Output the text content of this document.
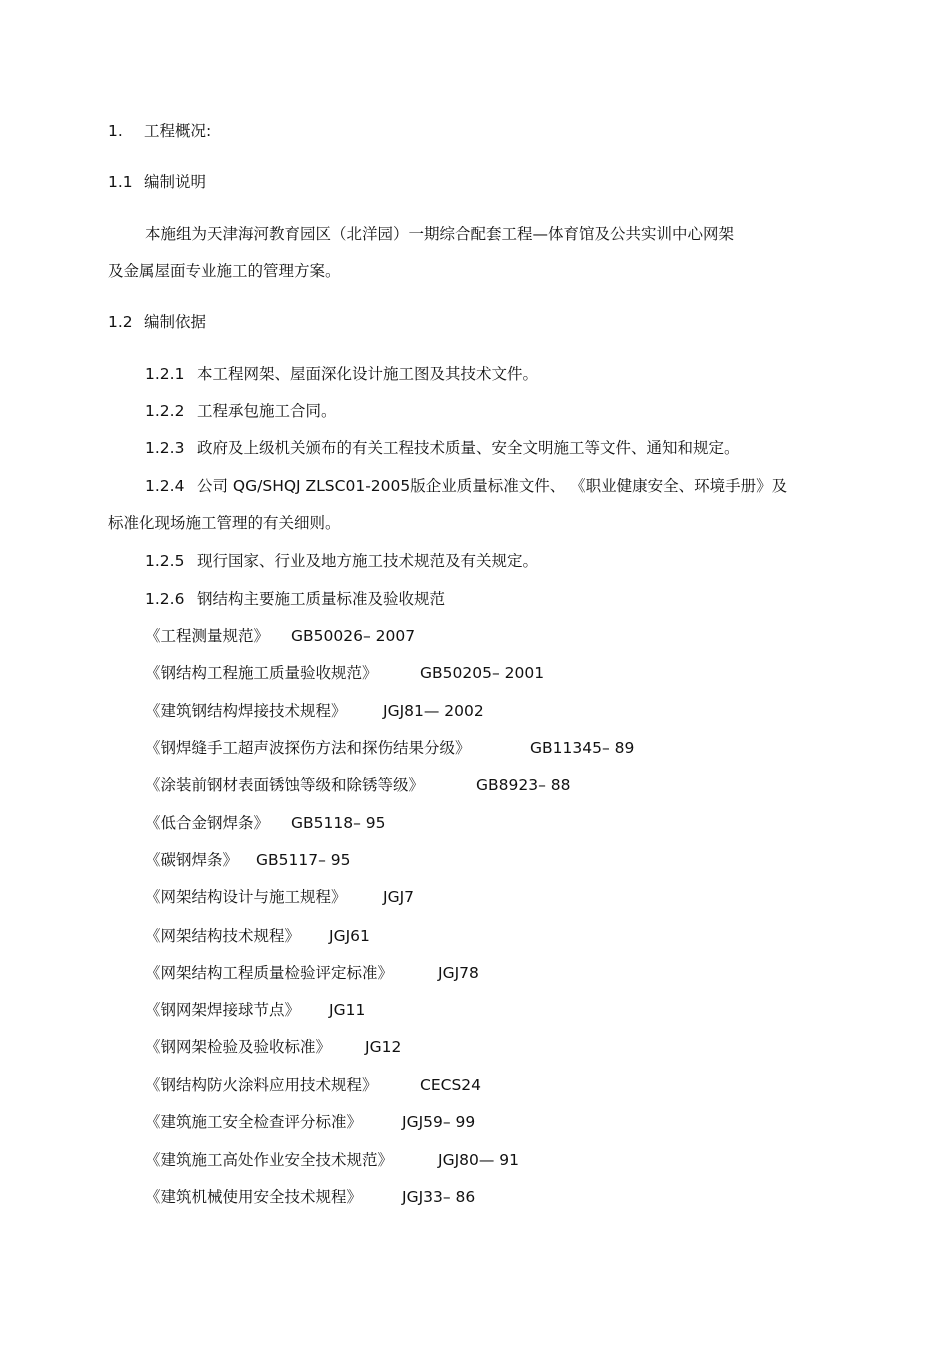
1. 工程概况:
1.1 编制说明
本施组为天津海河教育园区（北洋园）一期综合配套工程—体育馆及公共实训中心网架
及金属屋面专业施工的管理方案。
1.2 编制依据
1.2.1 本工程网架、屋面深化设计施工图及其技术文件。
1.2.2 工程承包施工合同。
1.2.3 政府及上级机关颁布的有关工程技术质量、安全文明施工等文件、通知和规定。
1.2.4 公司 QG/SHQJ ZLSC01-2005版企业质量标准文件、 《职业健康安全、环境手册》及
标准化现场施工管理的有关细则。
1.2.5 现行国家、行业及地方施工技术规范及有关规定。
1.2.6 钢结构主要施工质量标准及验收规范
《工程测量规范》 GB50026– 2007
《钢结构工程施工质量验收规范》	GB50205– 2001
《建筑钢结构焊接技术规程》 JGJ81— 2002
《钢焊缝手工超声波探伤方法和探伤结果分级》	GB11345– 89
《涂装前钢材表面锈蚀等级和除锈等级》	GB8923– 88
《低合金钢焊条》 GB5118– 95
《碳钢焊条》 GB5117– 95
《网架结构设计与施工规程》 JGJ7
《网架结构技术规程》 JGJ61
《网架结构工程质量检验评定标准》	JGJ78
《钢网架焊接球节点》 JG11
《钢网架检验及验收标准》 JG12
《钢结构防火涂料应用技术规程》	CECS24
《建筑施工安全检查评分标准》	JGJ59– 99
《建筑施工高处作业安全技术规范》	JGJ80— 91
《建筑机械使用安全技术规程》	JGJ33– 86
